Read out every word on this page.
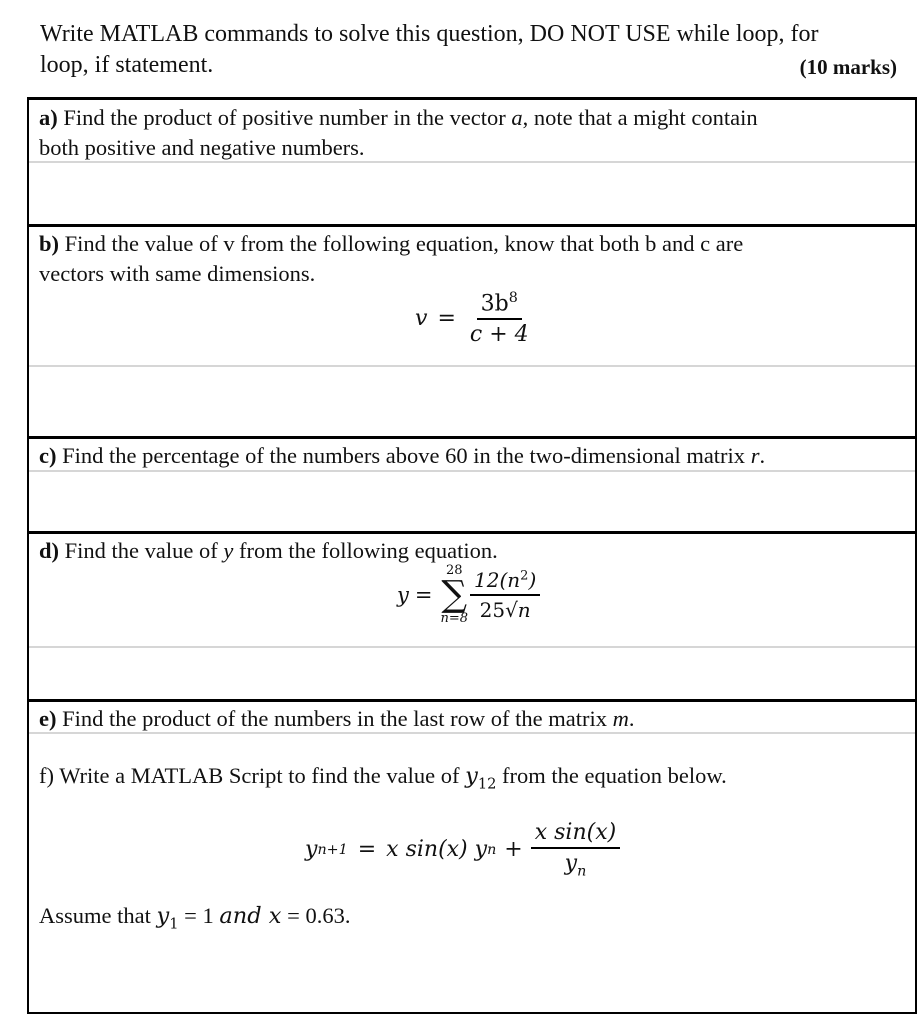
Write MATLAB commands to solve this question, DO NOT USE while loop, for
loop, if statement.	(10 marks)
a) Find the product of positive number in the vector a, note that a might contain
both positive and negative numbers.
b) Find the value of v from the following equation, know that both b and c are
vectors with same dimensions.
$v = \frac{3b^8}{c + 4}$
c) Find the percentage of the numbers above 60 in the two-dimensional matrix r.
d) Find the value of y from the following equation.
y =
28
∑
$n=8 \frac{12(n^2)}{25√n}$
e) Find the product of the numbers in the last row of the matrix m.
f) Write a MATLAB Script to find the value of $y_{12}$ from the equation below.
y n+1 = x sin(x) y $n + \frac{\text{x sin(x)}}{y_n}$
Assume that $y_1 = 1$ and x = 0.63.
